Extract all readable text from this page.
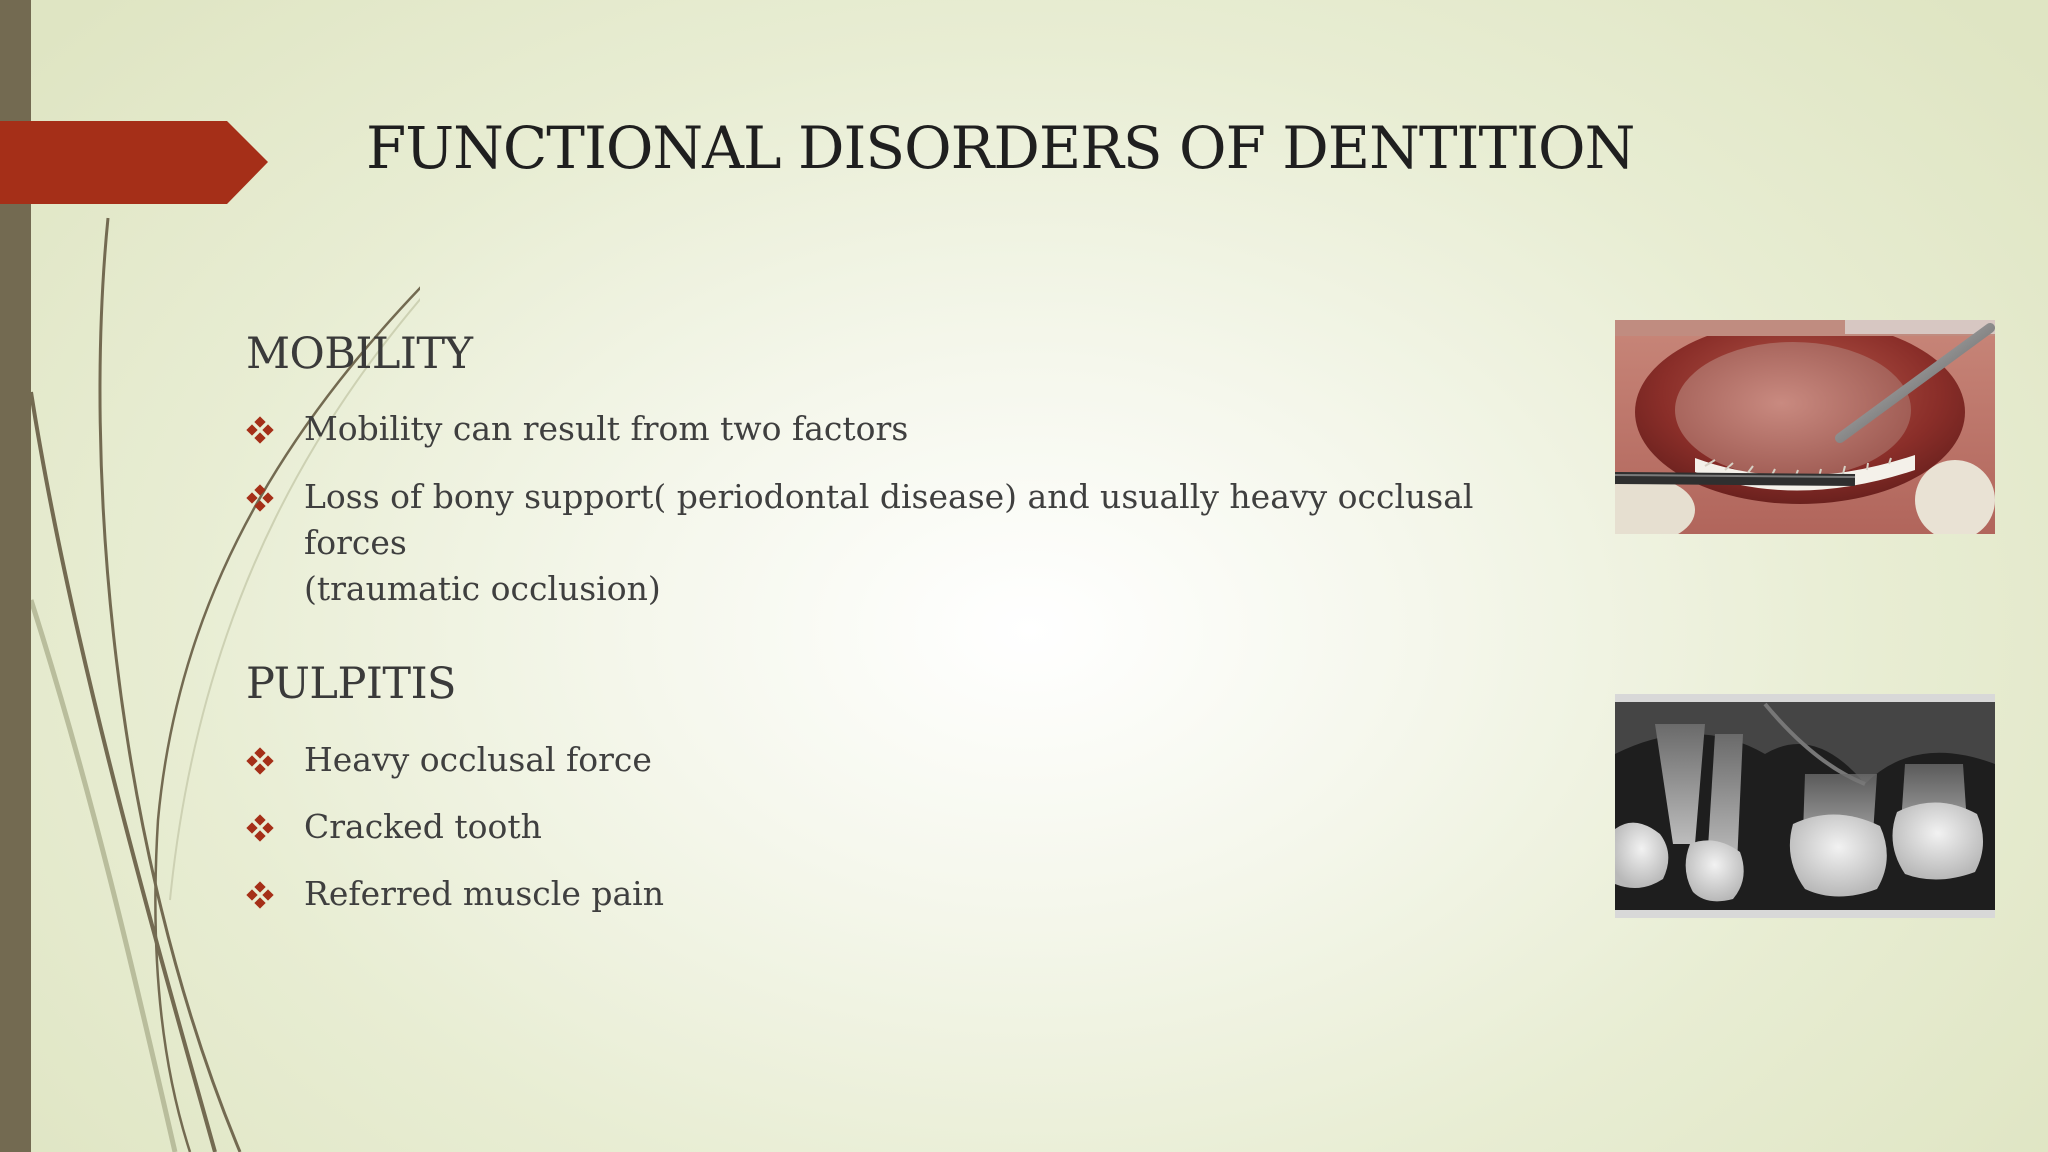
FUNCTIONAL DISORDERS OF DENTITION
MOBILITY
Mobility can result from two factors
Loss of bony support( periodontal disease) and usually heavy occlusal forces
(traumatic occlusion)
PULPITIS
Heavy occlusal force
Cracked tooth
Referred muscle pain
